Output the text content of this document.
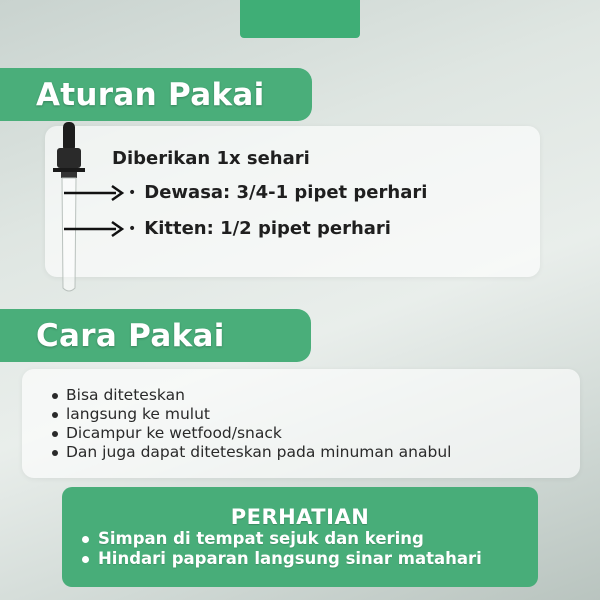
Aturan Pakai
Diberikan 1x sehari
• Dewasa: 3/4-1 pipet perhari
• Kitten: 1/2 pipet perhari
Cara Pakai
Bisa diteteskan
langsung ke mulut
Dicampur ke wetfood/snack
Dan juga dapat diteteskan pada minuman anabul
PERHATIAN
Simpan di tempat sejuk dan kering
Hindari paparan langsung sinar matahari
